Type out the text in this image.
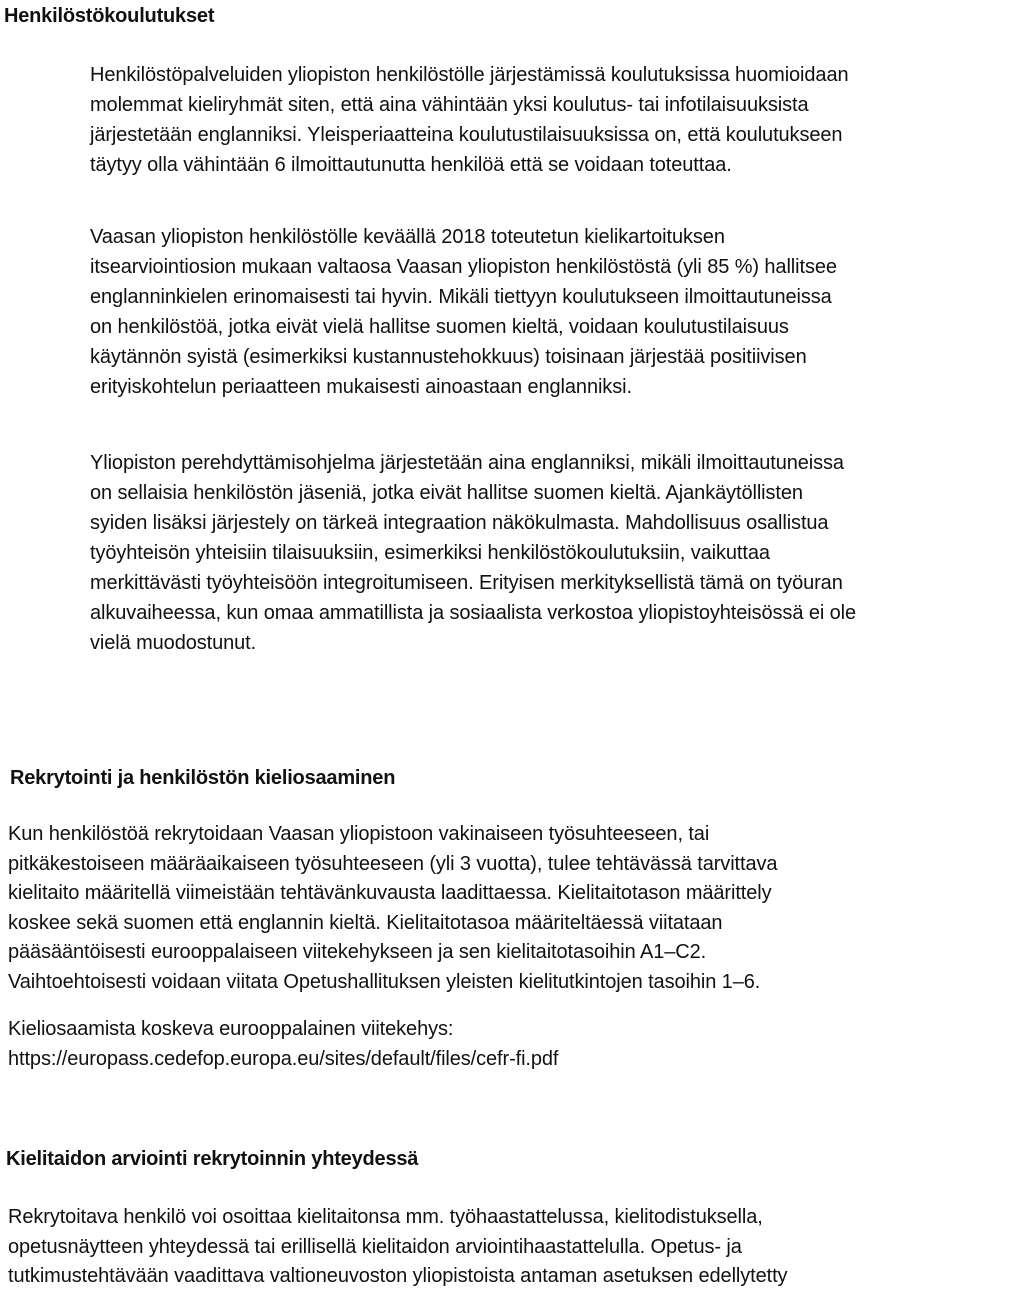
Henkilöstökoulutukset
Henkilöstöpalveluiden yliopiston henkilöstölle järjestämissä koulutuksissa huomioidaan
molemmat kieliryhmät siten, että aina vähintään yksi koulutus- tai infotilaisuuksista
järjestetään englanniksi. Yleisperiaatteina koulutustilaisuuksissa on, että koulutukseen
täytyy olla vähintään 6 ilmoittautunutta henkilöä että se voidaan toteuttaa.
Vaasan yliopiston henkilöstölle keväällä 2018 toteutetun kielikartoituksen
itsearviointiosion mukaan valtaosa Vaasan yliopiston henkilöstöstä (yli 85 %) hallitsee
englanninkielen erinomaisesti tai hyvin. Mikäli tiettyyn koulutukseen ilmoittautuneissa
on henkilöstöä, jotka eivät vielä hallitse suomen kieltä, voidaan koulutustilaisuus
käytännön syistä (esimerkiksi kustannustehokkuus) toisinaan järjestää positiivisen
erityiskohtelun periaatteen mukaisesti ainoastaan englanniksi.
Yliopiston perehdyttämisohjelma järjestetään aina englanniksi, mikäli ilmoittautuneissa
on sellaisia henkilöstön jäseniä, jotka eivät hallitse suomen kieltä. Ajankäytöllisten
syiden lisäksi järjestely on tärkeä integraation näkökulmasta. Mahdollisuus osallistua
työyhteisön yhteisiin tilaisuuksiin, esimerkiksi henkilöstökoulutuksiin, vaikuttaa
merkittävästi työyhteisöön integroitumiseen. Erityisen merkityksellistä tämä on työuran
alkuvaiheessa, kun omaa ammatillista ja sosiaalista verkostoa yliopistoyhteisössä ei ole
vielä muodostunut.
Rekrytointi ja henkilöstön kieliosaaminen
Kun henkilöstöä rekrytoidaan Vaasan yliopistoon vakinaiseen työsuhteeseen, tai
pitkäkestoiseen määräaikaiseen työsuhteeseen (yli 3 vuotta), tulee tehtävässä tarvittava
kielitaito määritellä viimeistään tehtävänkuvausta laadittaessa. Kielitaitotason määrittely
koskee sekä suomen että englannin kieltä. Kielitaitotasoa määriteltäessä viitataan
pääsääntöisesti eurooppalaiseen viitekehykseen ja sen kielitaitotasoihin A1–C2.
Vaihtoehtoisesti voidaan viitata Opetushallituksen yleisten kielitutkintojen tasoihin 1–6.
Kieliosaamista koskeva eurooppalainen viitekehys:
https://europass.cedefop.europa.eu/sites/default/files/cefr-fi.pdf
Kielitaidon arviointi rekrytoinnin yhteydessä
Rekrytoitava henkilö voi osoittaa kielitaitonsa mm. työhaastattelussa, kielitodistuksella,
opetusnäytteen yhteydessä tai erillisellä kielitaidon arviointihaastattelulla. Opetus- ja
tutkimustehtävään vaadittava valtioneuvoston yliopistoista antaman asetuksen edellytetty
